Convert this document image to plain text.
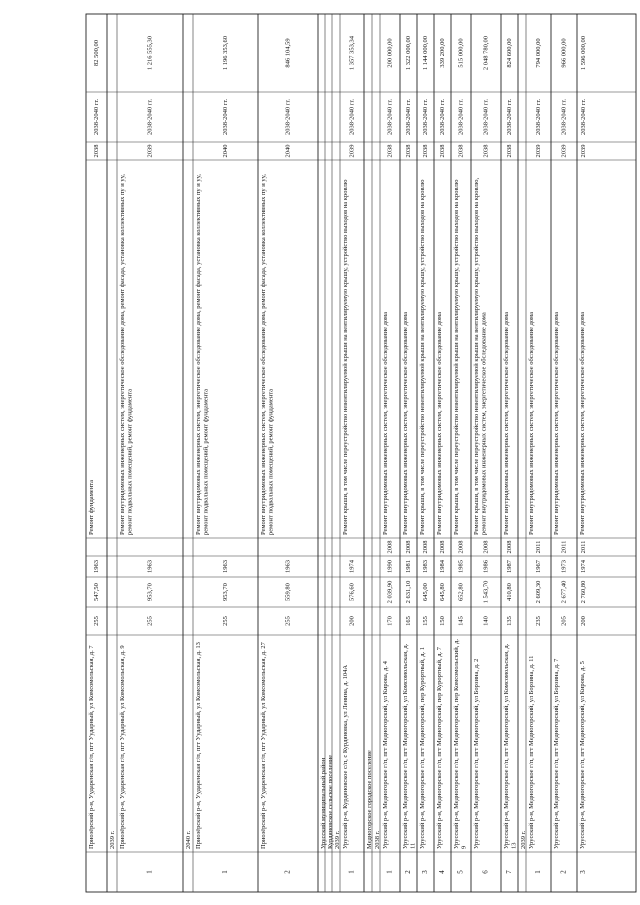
Приозёрский р-н, Уударенская г/п, пгт Уударный, ул Комсомольская, д. 7
255
547,50
1963
Ремонт фундамента
2038
2038-2040 гг.
82 500,00
2039 г.
1
Приозёрский р-н, Уударенская г/п, пгт Уударный, ул Комсомольская, д. 9
255
953,70
1963
Ремонт внутридомовых инженерных систем, энергетическое обследование дома, ремонт фасада, установка коллективных пу и уу, ремонт подвальных помещений, ремонт фундамента
2039
2038-2040 гг.
1 216 555,30
2040 г.
1
Приозёрский р-н, Уударенская г/п, пгт Уударный, ул Комсомольская, д. 13
255
953,70
1963
Ремонт внутридомовых инженерных систем, энергетическое обследование дома, ремонт фасада, установка коллективных пу и уу, ремонт подвальных помещений, ремонт фундамента
2040
2038-2040 гг.
1 196 353,60
2
Приозёрский р-н, Уударенская г/п, пгт Уударный, ул Комсомольская, д. 27
255
559,80
1963
Ремонт внутридомовых инженерных систем, энергетическое обследование дома, ремонт фасада, установка коллективных пу и уу, ремонт подвальных помещений, ремонт фундамента
2040
2038-2040 гг.
846 104,59
Урусский муниципальный район Курдяновское сельское поселение 2039 г.
1
Урусский р-н, Курдяновское с/п, с Курдяновка, ул Ленина, д. 104А
200
576,60
1974
Ремонт крыши, в том числе переустройство невентилируемой крыши на вентилируемую крышу, устройство выходов на кровлю
2039
2038-2040 гг.
1 357 353,34
Медногорское городское поселение 2038 г.
1
Урусский р-н, Медногорское г/п, пгт Медногорский, ул Кирова, д. 4
170
2 039,90
1990
2008
Ремонт внутридомовых инженерных систем, энергетическое обследование дома
2038
2038-2040 гг.
200 000,00
2
Урусский р-н, Медногорское г/п, пгт Медногорский, ул Комсомольская, д. 11
165
2 631,10
1981
2008
Ремонт внутридомовых инженерных систем, энергетическое обследование дома
2038
2038-2040 гг.
1 322 000,00
3
Урусский р-н, Медногорское г/п, пгт Медногорский, пер Курортный, д. 1
155
645,00
1983
2008
Ремонт крыши, в том числе переустройство невентилируемой крыши на вентилируемую крышу, устройство выходов на кровлю
2038
2038-2040 гг.
1 144 000,00
4
Урусский р-н, Медногорское г/п, пгт Медногорский, пер Курортный, д. 7
150
645,80
1984
2008
Ремонт внутридомовых инженерных систем, энергетическое обследование дома
2038
2038-2040 гг.
339 200,00
5
Урусский р-н, Медногорское г/п, пгт Медногорский, пер Комсомольский, д. 9
145
652,80
1985
2008
Ремонт крыши, в том числе переустройство невентилируемой крыши на вентилируемую крышу, устройство выходов на кровлю
2038
2038-2040 гг.
515 000,00
6
Урусский р-н, Медногорское г/п, пгт Медногорский, ул Борзина, д. 2
140
1 543,70
1986
2008
Ремонт крыши, в том числе переустройство невентилируемой крыши на вентилируемую крышу, устройство выходов на кровлю, ремонт внутридомовых инженерных систем, энергетическое обследование дома
2038
2038-2040 гг.
2 048 780,00
7
Урусский р-н, Медногорское г/п, пгт Медногорский, ул Комсомольская, д. 13
135
410,80
1987
2008
Ремонт внутридомовых инженерных систем, энергетическое обследование дома
2038
2038-2040 гг.
824 600,00
2039 г.
1
Урусский р-н, Медногорское г/п, пгт Медногорский, ул Борзина, д. 11
235
2 609,30
1967
2011
Ремонт внутридомовых инженерных систем, энергетическое обследование дома
2039
2038-2040 гг.
794 000,00
2
Урусский р-н, Медногорское г/п, пгт Медногорский, ул Борзина, д. 7
205
2 677,40
1973
2011
Ремонт внутридомовых инженерных систем, энергетическое обследование дома
2039
2038-2040 гг.
966 000,00
3
Урусский р-н, Медногорское г/п, пгт Медногорский, ул Кирова, д. 5
200
2 760,80
1974
2011
Ремонт внутридомовых инженерных систем, энергетическое обследование дома
2039
2038-2040 гг.
1 596 000,00
